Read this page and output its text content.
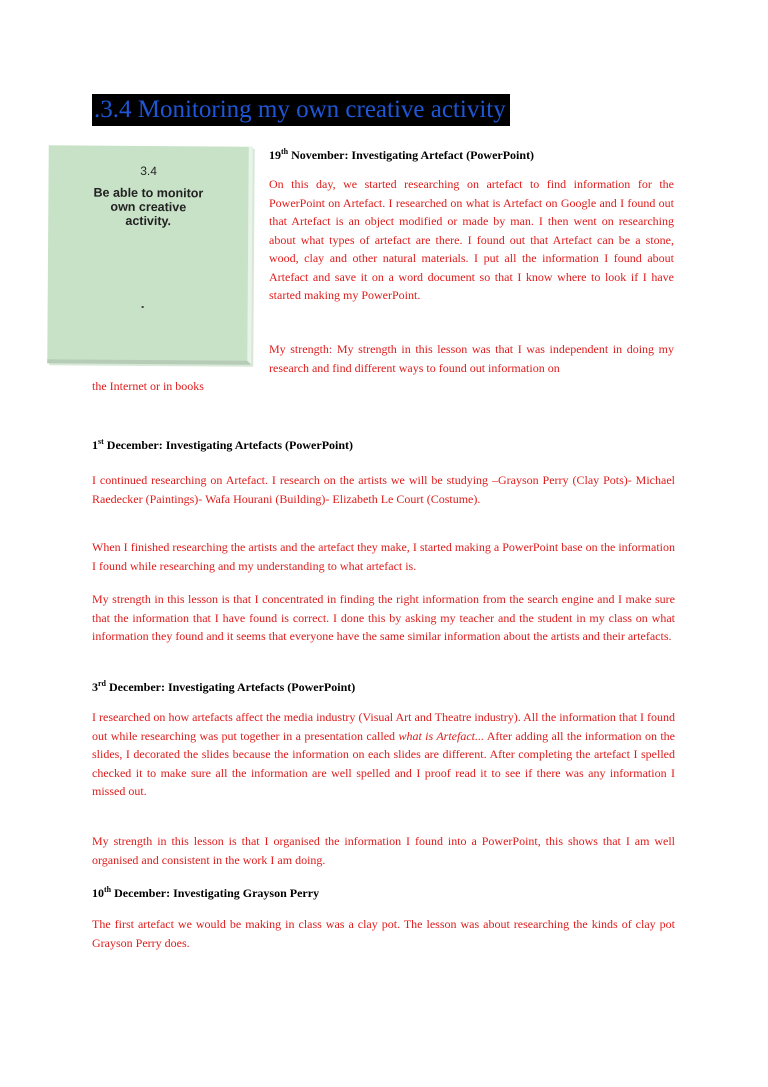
.3.4 Monitoring my own creative activity
3.4
Be able to monitor
own creative
activity.
19th November: Investigating Artefact (PowerPoint)

On this day, we started researching on artefact to find information for the PowerPoint on Artefact. I researched on what is Artefact on Google and I found out that Artefact is an object modified or made by man. I then went on researching about what types of artefact are there. I found out that Artefact can be a stone, wood, clay and other natural materials. I put all the information I found about Artefact and save it on a word document so that I know where to look if I have started making my PowerPoint.

My strength: My strength in this lesson was that I was independent in doing my research and find different ways to found out information on

the Internet or in books

1st December: Investigating Artefacts (PowerPoint)

I continued researching on Artefact. I research on the artists we will be studying –Grayson Perry (Clay Pots)- Michael Raedecker (Paintings)- Wafa Hourani (Building)- Elizabeth Le Court (Costume).

When I finished researching the artists and the artefact they make, I started making a PowerPoint base on the information I found while researching and my understanding to what artefact is.

My strength in this lesson is that I concentrated in finding the right information from the search engine and I make sure that the information that I have found is correct. I done this by asking my teacher and the student in my class on what information they found and it seems that everyone have the same similar information about the artists and their artefacts.

3rd December: Investigating Artefacts (PowerPoint)

I researched on how artefacts affect the media industry (Visual Art and Theatre industry). All the information that I found out while researching was put together in a presentation called what is Artefact... After adding all the information on the slides, I decorated the slides because the information on each slides are different. After completing the artefact I spelled checked it to make sure all the information are well spelled and I proof read it to see if there was any information I missed out.

My strength in this lesson is that I organised the information I found into a PowerPoint, this shows that I am well organised and consistent in the work I am doing.

10th December: Investigating Grayson Perry

The first artefact we would be making in class was a clay pot. The lesson was about researching the kinds of clay pot Grayson Perry does.
